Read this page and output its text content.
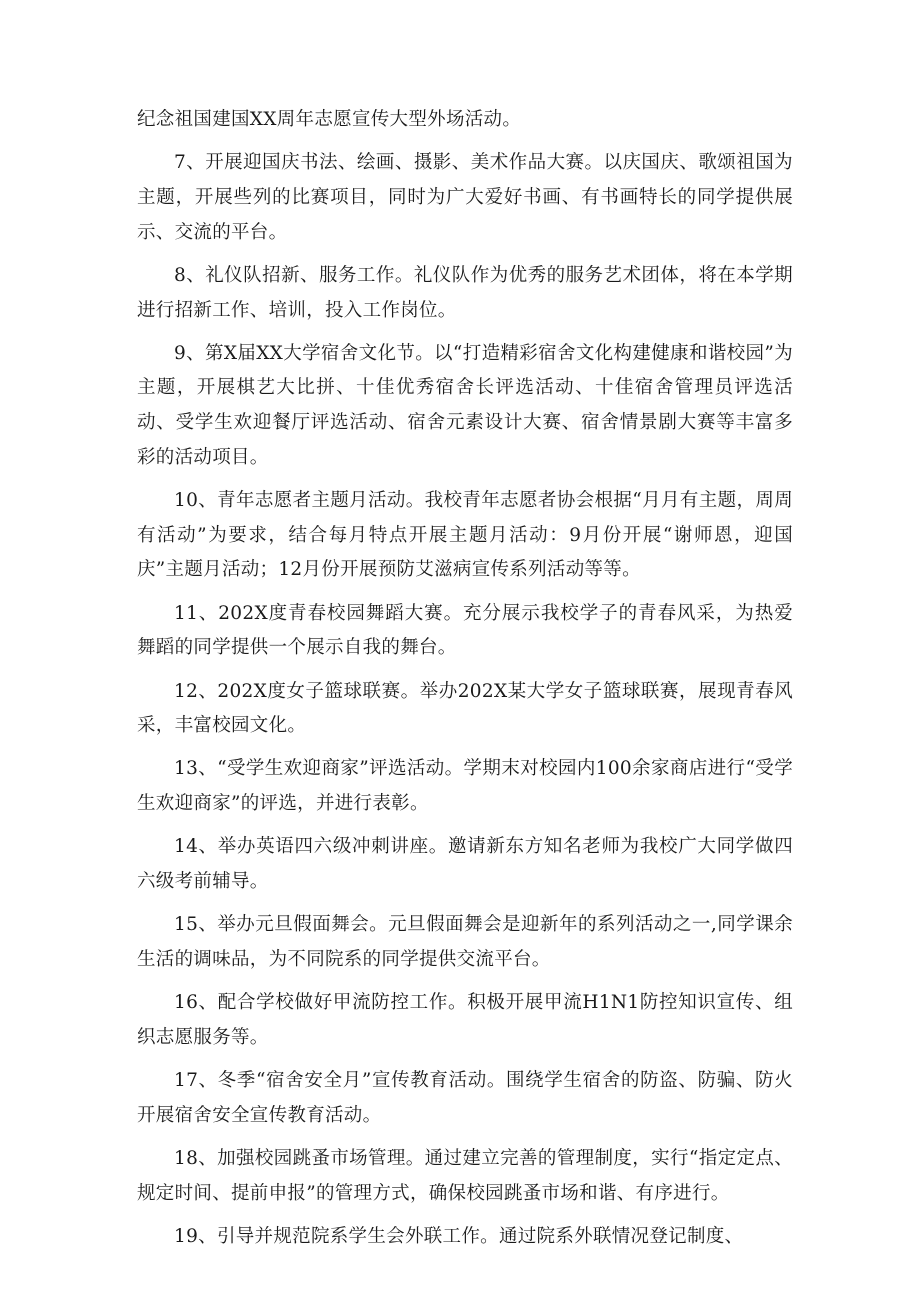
纪念祖国建国XX周年志愿宣传大型外场活动。

7、开展迎国庆书法、绘画、摄影、美术作品大赛。以庆国庆、歌颂祖国为主题，开展些列的比赛项目，同时为广大爱好书画、有书画特长的同学提供展示、交流的平台。

8、礼仪队招新、服务工作。礼仪队作为优秀的服务艺术团体，将在本学期进行招新工作、培训，投入工作岗位。

9、第X届XX大学宿舍文化节。以“打造精彩宿舍文化构建健康和谐校园”为主题，开展棋艺大比拼、十佳优秀宿舍长评选活动、十佳宿舍管理员评选活动、受学生欢迎餐厅评选活动、宿舍元素设计大赛、宿舍情景剧大赛等丰富多彩的活动项目。

10、青年志愿者主题月活动。我校青年志愿者协会根据“月月有主题，周周有活动”为要求，结合每月特点开展主题月活动：9月份开展“谢师恩，迎国庆”主题月活动；12月份开展预防艾滋病宣传系列活动等等。

11、202X度青春校园舞蹈大赛。充分展示我校学子的青春风采，为热爱舞蹈的同学提供一个展示自我的舞台。

12、202X度女子篮球联赛。举办202X某大学女子篮球联赛，展现青春风采，丰富校园文化。

13、“受学生欢迎商家”评选活动。学期末对校园内100余家商店进行“受学生欢迎商家”的评选，并进行表彰。

14、举办英语四六级冲刺讲座。邀请新东方知名老师为我校广大同学做四六级考前辅导。

15、举办元旦假面舞会。元旦假面舞会是迎新年的系列活动之一,同学课余生活的调味品，为不同院系的同学提供交流平台。

16、配合学校做好甲流防控工作。积极开展甲流H1N1防控知识宣传、组织志愿服务等。

17、冬季“宿舍安全月”宣传教育活动。围绕学生宿舍的防盗、防骗、防火开展宿舍安全宣传教育活动。

18、加强校园跳蚤市场管理。通过建立完善的管理制度，实行“指定定点、规定时间、提前申报”的管理方式，确保校园跳蚤市场和谐、有序进行。

19、引导并规范院系学生会外联工作。通过院系外联情况登记制度、
